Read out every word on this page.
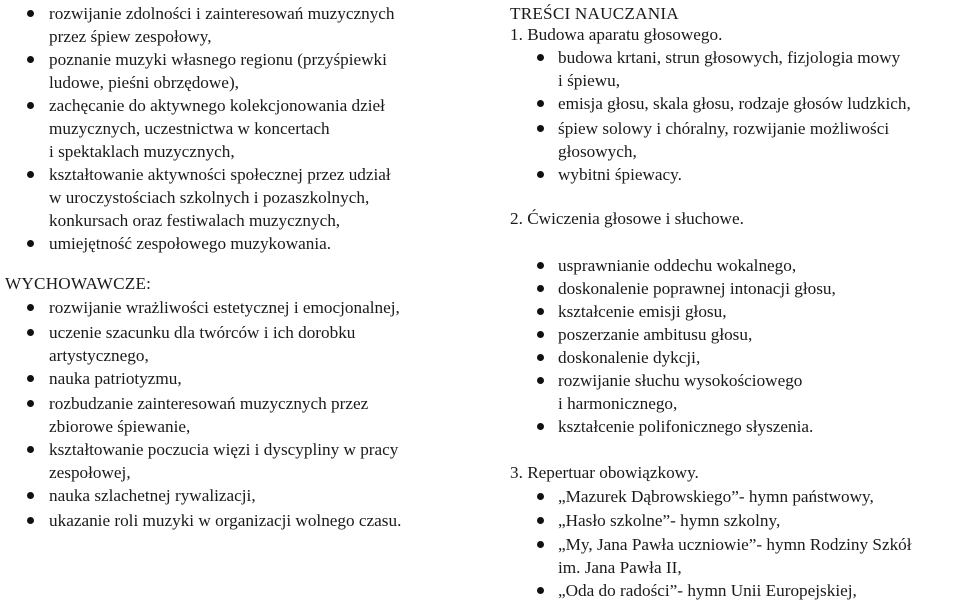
rozwijanie zdolności i zainteresowań muzycznych
przez śpiew zespołowy,
poznanie muzyki własnego regionu (przyśpiewki
ludowe, pieśni obrzędowe),
zachęcanie do aktywnego kolekcjonowania dzieł
muzycznych, uczestnictwa w koncertach
i spektaklach muzycznych,
kształtowanie aktywności społecznej przez udział
w uroczystościach szkolnych i pozaszkolnych,
konkursach oraz festiwalach muzycznych,
umiejętność zespołowego muzykowania.
WYCHOWAWCZE:
rozwijanie wrażliwości estetycznej i emocjonalnej,
uczenie szacunku dla twórców i ich dorobku
artystycznego,
nauka patriotyzmu,
rozbudzanie zainteresowań muzycznych przez
zbiorowe śpiewanie,
kształtowanie poczucia więzi i dyscypliny w pracy
zespołowej,
nauka szlachetnej rywalizacji,
ukazanie roli muzyki w organizacji wolnego czasu.
TREŚCI NAUCZANIA
1. Budowa aparatu głosowego.
budowa krtani, strun głosowych, fizjologia mowy
i śpiewu,
emisja głosu, skala głosu, rodzaje głosów ludzkich,
śpiew solowy i chóralny, rozwijanie możliwości
głosowych,
wybitni śpiewacy.
2. Ćwiczenia głosowe i słuchowe.
usprawnianie oddechu wokalnego,
doskonalenie poprawnej intonacji głosu,
kształcenie emisji głosu,
poszerzanie ambitusu głosu,
doskonalenie dykcji,
rozwijanie słuchu wysokościowego
i harmonicznego,
kształcenie polifonicznego słyszenia.
3. Repertuar obowiązkowy.
„Mazurek Dąbrowskiego”- hymn państwowy,
„Hasło szkolne”- hymn szkolny,
„My, Jana Pawła uczniowie”- hymn Rodziny Szkół
im. Jana Pawła II,
„Oda do radości”- hymn Unii Europejskiej,
